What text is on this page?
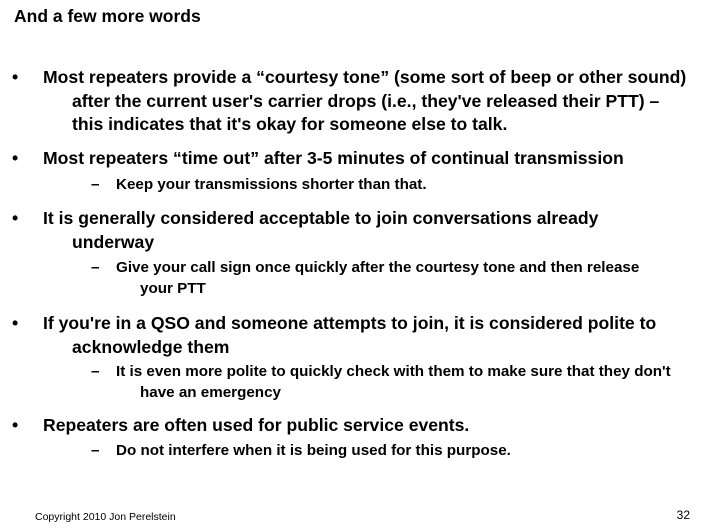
And a few more words
• Most repeaters provide a “courtesy tone” (some sort of beep or other sound) after the current user's carrier drops (i.e., they've released their PTT) – this indicates that it's okay for someone else to talk.
• Most repeaters “time out” after 3-5 minutes of continual transmission
– Keep your transmissions shorter than that.
• It is generally considered acceptable to join conversations already underway
– Give your call sign once quickly after the courtesy tone and then release your PTT
• If you're in a QSO and someone attempts to join, it is considered polite to acknowledge them
– It is even more polite to quickly check with them to make sure that they don't have an emergency
• Repeaters are often used for public service events.
– Do not interfere when it is being used for this purpose.
Copyright 2010 Jon Perelstein	32
